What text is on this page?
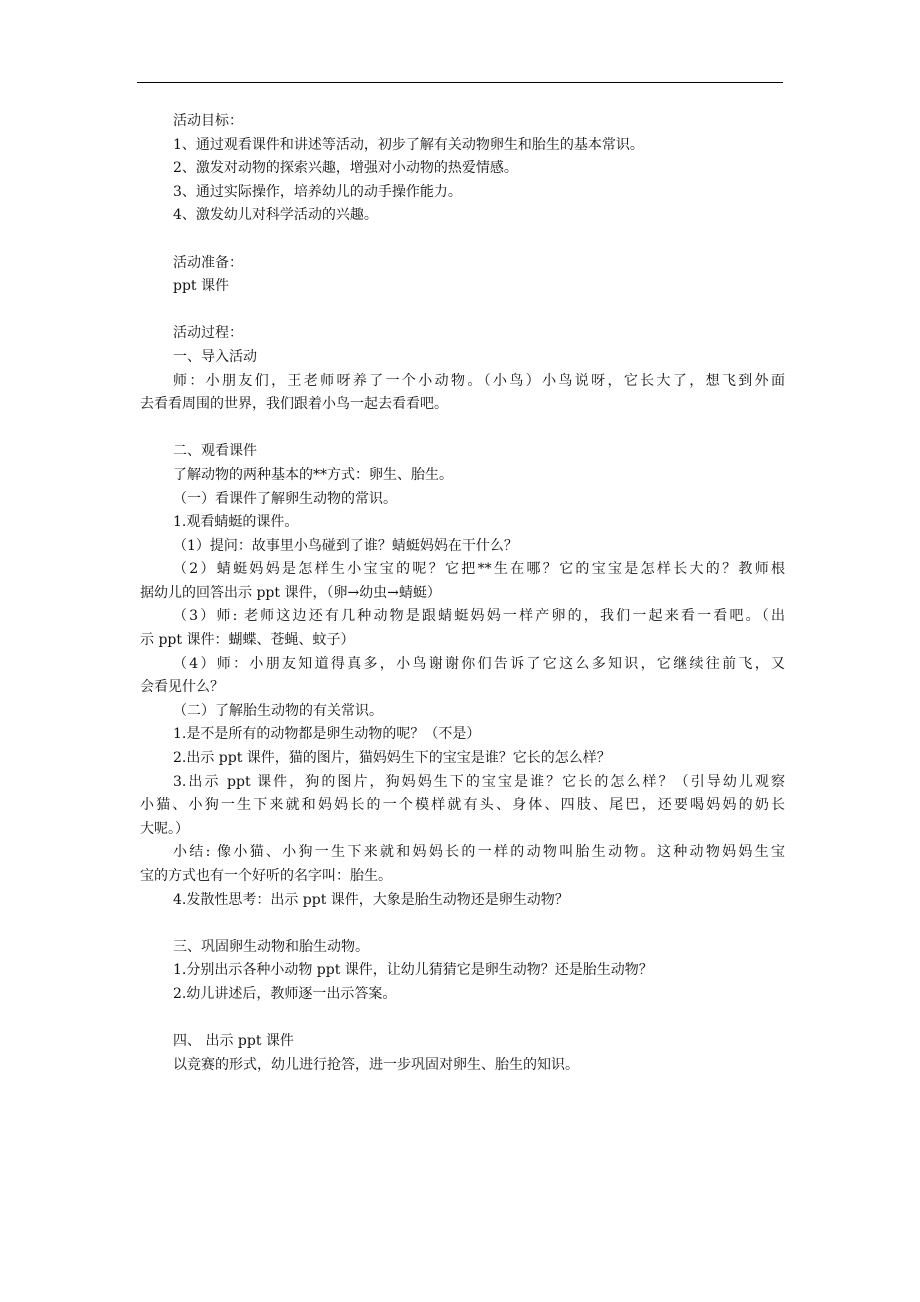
活动目标：
1、通过观看课件和讲述等活动，初步了解有关动物卵生和胎生的基本常识。
2、激发对动物的探索兴趣，增强对小动物的热爱情感。
3、通过实际操作，培养幼儿的动手操作能力。
4、激发幼儿对科学活动的兴趣。
活动准备：
ppt 课件
活动过程：
一、导入活动
师：小朋友们，王老师呀养了一个小动物。（小鸟）小鸟说呀，它长大了，想飞到外面
去看看周围的世界，我们跟着小鸟一起去看看吧。
二、观看课件
了解动物的两种基本的**方式：卵生、胎生。
（一）看课件了解卵生动物的常识。
1.观看蜻蜓的课件。
（1）提问：故事里小鸟碰到了谁？蜻蜓妈妈在干什么？
（2）蜻蜓妈妈是怎样生小宝宝的呢？它把**生在哪？它的宝宝是怎样长大的？教师根
据幼儿的回答出示 ppt 课件，（卵→幼虫→蜻蜓）
（3）师: 老师这边还有几种动物是跟蜻蜓妈妈一样产卵的，我们一起来看一看吧。（出
示 ppt 课件：蝴蝶、苍蝇、蚊子）
（4）师：小朋友知道得真多，小鸟谢谢你们告诉了它这么多知识，它继续往前飞，又
会看见什么？
（二）了解胎生动物的有关常识。
1.是不是所有的动物都是卵生动物的呢？（不是）
2.出示 ppt 课件，猫的图片，猫妈妈生下的宝宝是谁？它长的怎么样？
3.出示 ppt 课件，狗的图片，狗妈妈生下的宝宝是谁？它长的怎么样？（引导幼儿观察
小猫、小狗一生下来就和妈妈长的一个模样就有头、身体、四肢、尾巴，还要喝妈妈的奶长
大呢。）
小结: 像小猫、小狗一生下来就和妈妈长的一样的动物叫胎生动物。这种动物妈妈生宝
宝的方式也有一个好听的名字叫：胎生。
4.发散性思考：出示 ppt 课件，大象是胎生动物还是卵生动物？
三、巩固卵生动物和胎生动物。
1.分别出示各种小动物 ppt 课件，让幼儿猜猜它是卵生动物？还是胎生动物？
2.幼儿讲述后，教师逐一出示答案。
四、 出示 ppt 课件
以竞赛的形式，幼儿进行抢答，进一步巩固对卵生、胎生的知识。
